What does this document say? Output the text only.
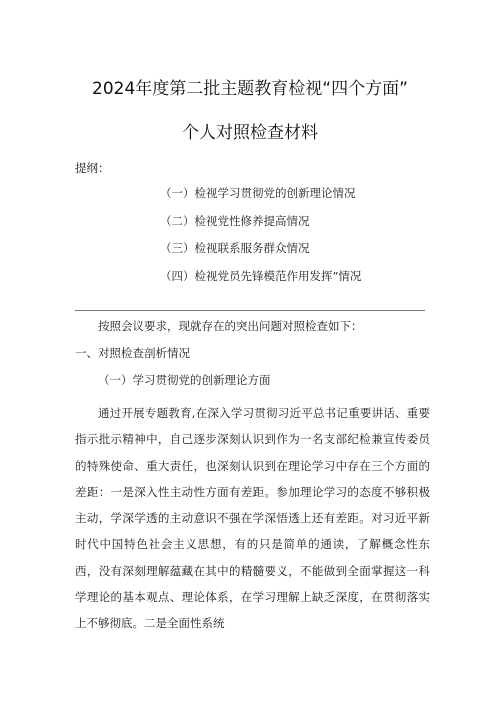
2024年度第二批主题教育检视“四个方面”
个人对照检查材料
提纲：
（一）检视学习贯彻党的创新理论情况
（二）检视党性修养提高情况
（三）检视联系服务群众情况
（四）检视党员先锋模范作用发挥”情况
按照会议要求，现就存在的突出问题对照检查如下：
一、对照检查剖析情况
（一）学习贯彻党的创新理论方面

通过开展专题教育,在深入学习贯彻习近平总书记重要讲话、重要指示批示精神中，自己逐步深刻认识到作为一名支部纪检兼宣传委员的特殊使命、重大责任，也深刻认识到在理论学习中存在三个方面的差距：一是深入性主动性方面有差距。参加理论学习的态度不够积极主动，学深学透的主动意识不强在学深悟透上还有差距。对习近平新时代中国特色社会主义思想，有的只是简单的通读，了解概念性东西，没有深刻理解蕴藏在其中的精髓要义，不能做到全面掌握这一科学理论的基本观点、理论体系，在学习理解上缺乏深度，在贯彻落实上不够彻底。二是全面性系统
